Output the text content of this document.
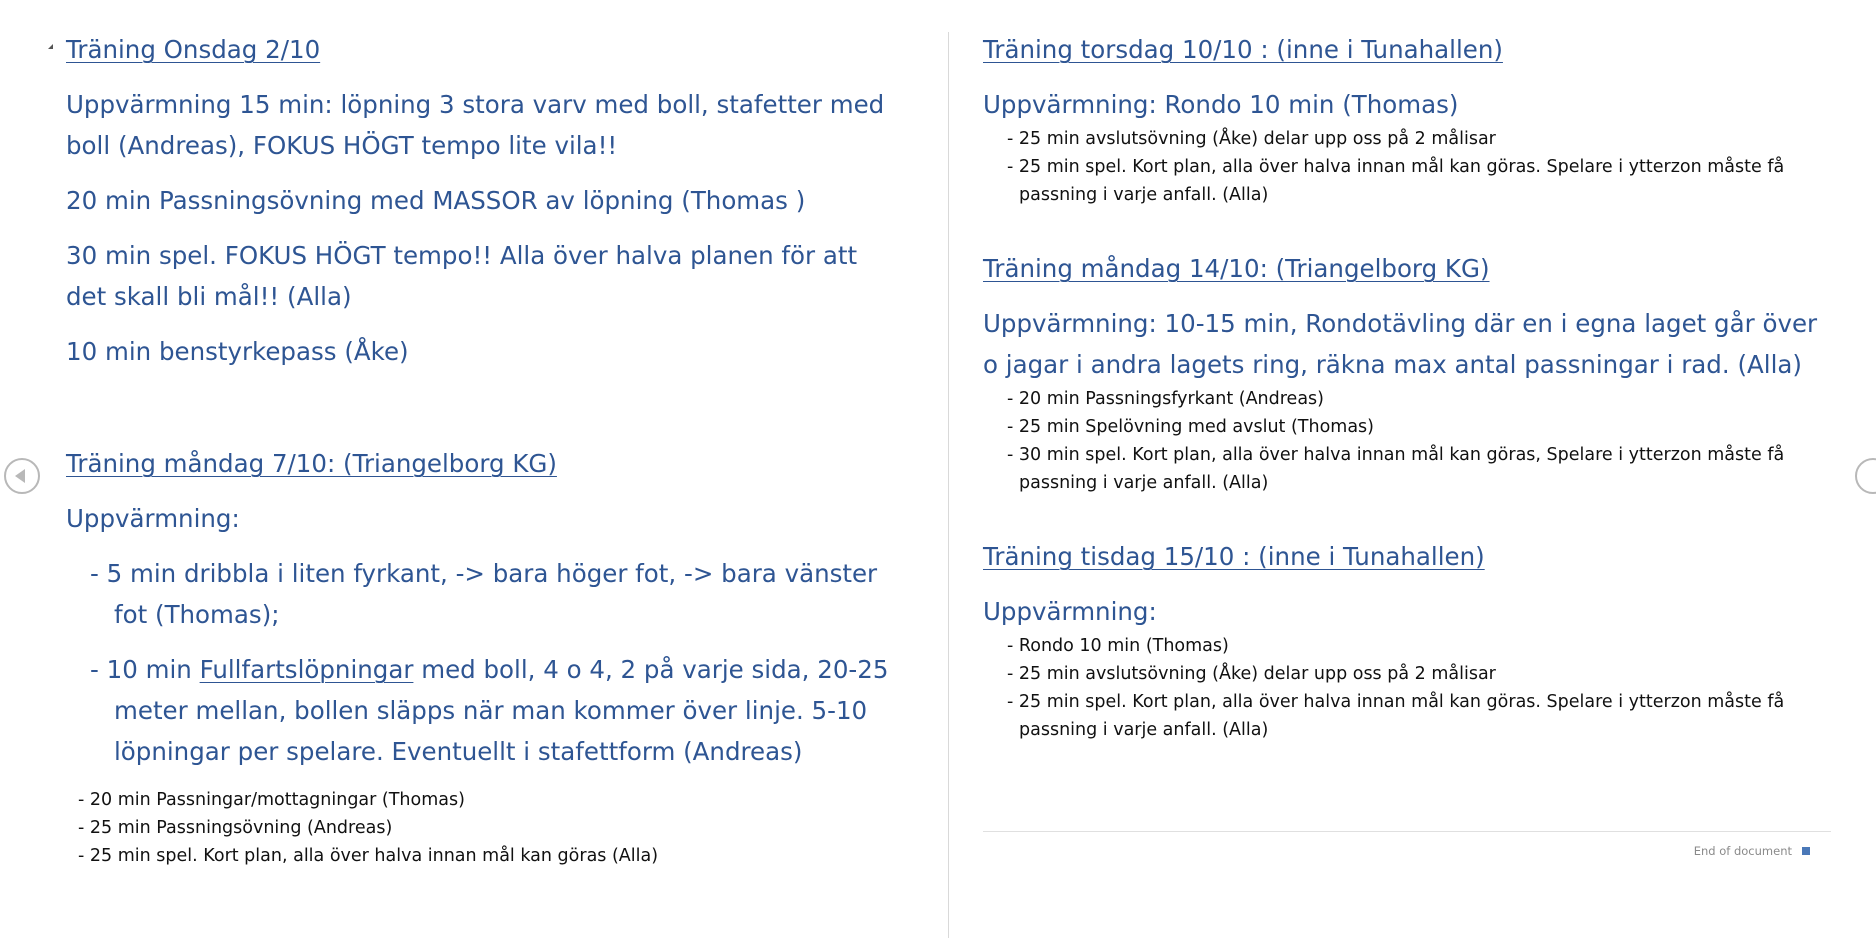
Träning Onsdag 2/10

Uppvärmning 15 min: löpning 3 stora varv med boll, stafetter med boll (Andreas), FOKUS HÖGT tempo lite vila!!

20 min Passningsövning med MASSOR av löpning (Thomas )

30 min spel. FOKUS HÖGT tempo!! Alla över halva planen för att det skall bli mål!! (Alla)

10 min benstyrkepass (Åke)

Träning måndag 7/10: (Triangelborg KG)

Uppvärmning:

- 5 min dribbla i liten fyrkant, -> bara höger fot, -> bara vänster fot (Thomas);

- 10 min Fullfartslöpningar med boll, 4 o 4, 2 på varje sida, 20-25 meter mellan, bollen släpps när man kommer över linje. 5-10 löpningar per spelare. Eventuellt i stafettform (Andreas)

- 20 min Passningar/mottagningar (Thomas)

- 25 min Passningsövning (Andreas)

- 25 min spel. Kort plan, alla över halva innan mål kan göras (Alla)

Träning torsdag 10/10 : (inne i Tunahallen)

Uppvärmning: Rondo 10 min (Thomas)

- 25 min avslutsövning (Åke) delar upp oss på 2 målisar

- 25 min spel. Kort plan, alla över halva innan mål kan göras. Spelare i ytterzon måste få passning i varje anfall. (Alla)

Träning måndag 14/10: (Triangelborg KG)

Uppvärmning: 10-15 min, Rondotävling där en i egna laget går över o jagar i andra lagets ring, räkna max antal passningar i rad. (Alla)

- 20 min Passningsfyrkant (Andreas)

- 25 min Spelövning med avslut (Thomas)

- 30 min spel. Kort plan, alla över halva innan mål kan göras, Spelare i ytterzon måste få passning i varje anfall. (Alla)

Träning tisdag 15/10 : (inne i Tunahallen)

Uppvärmning:

- Rondo 10 min (Thomas)

- 25 min avslutsövning (Åke) delar upp oss på 2 målisar

- 25 min spel. Kort plan, alla över halva innan mål kan göras. Spelare i ytterzon måste få passning i varje anfall. (Alla)

End of document
